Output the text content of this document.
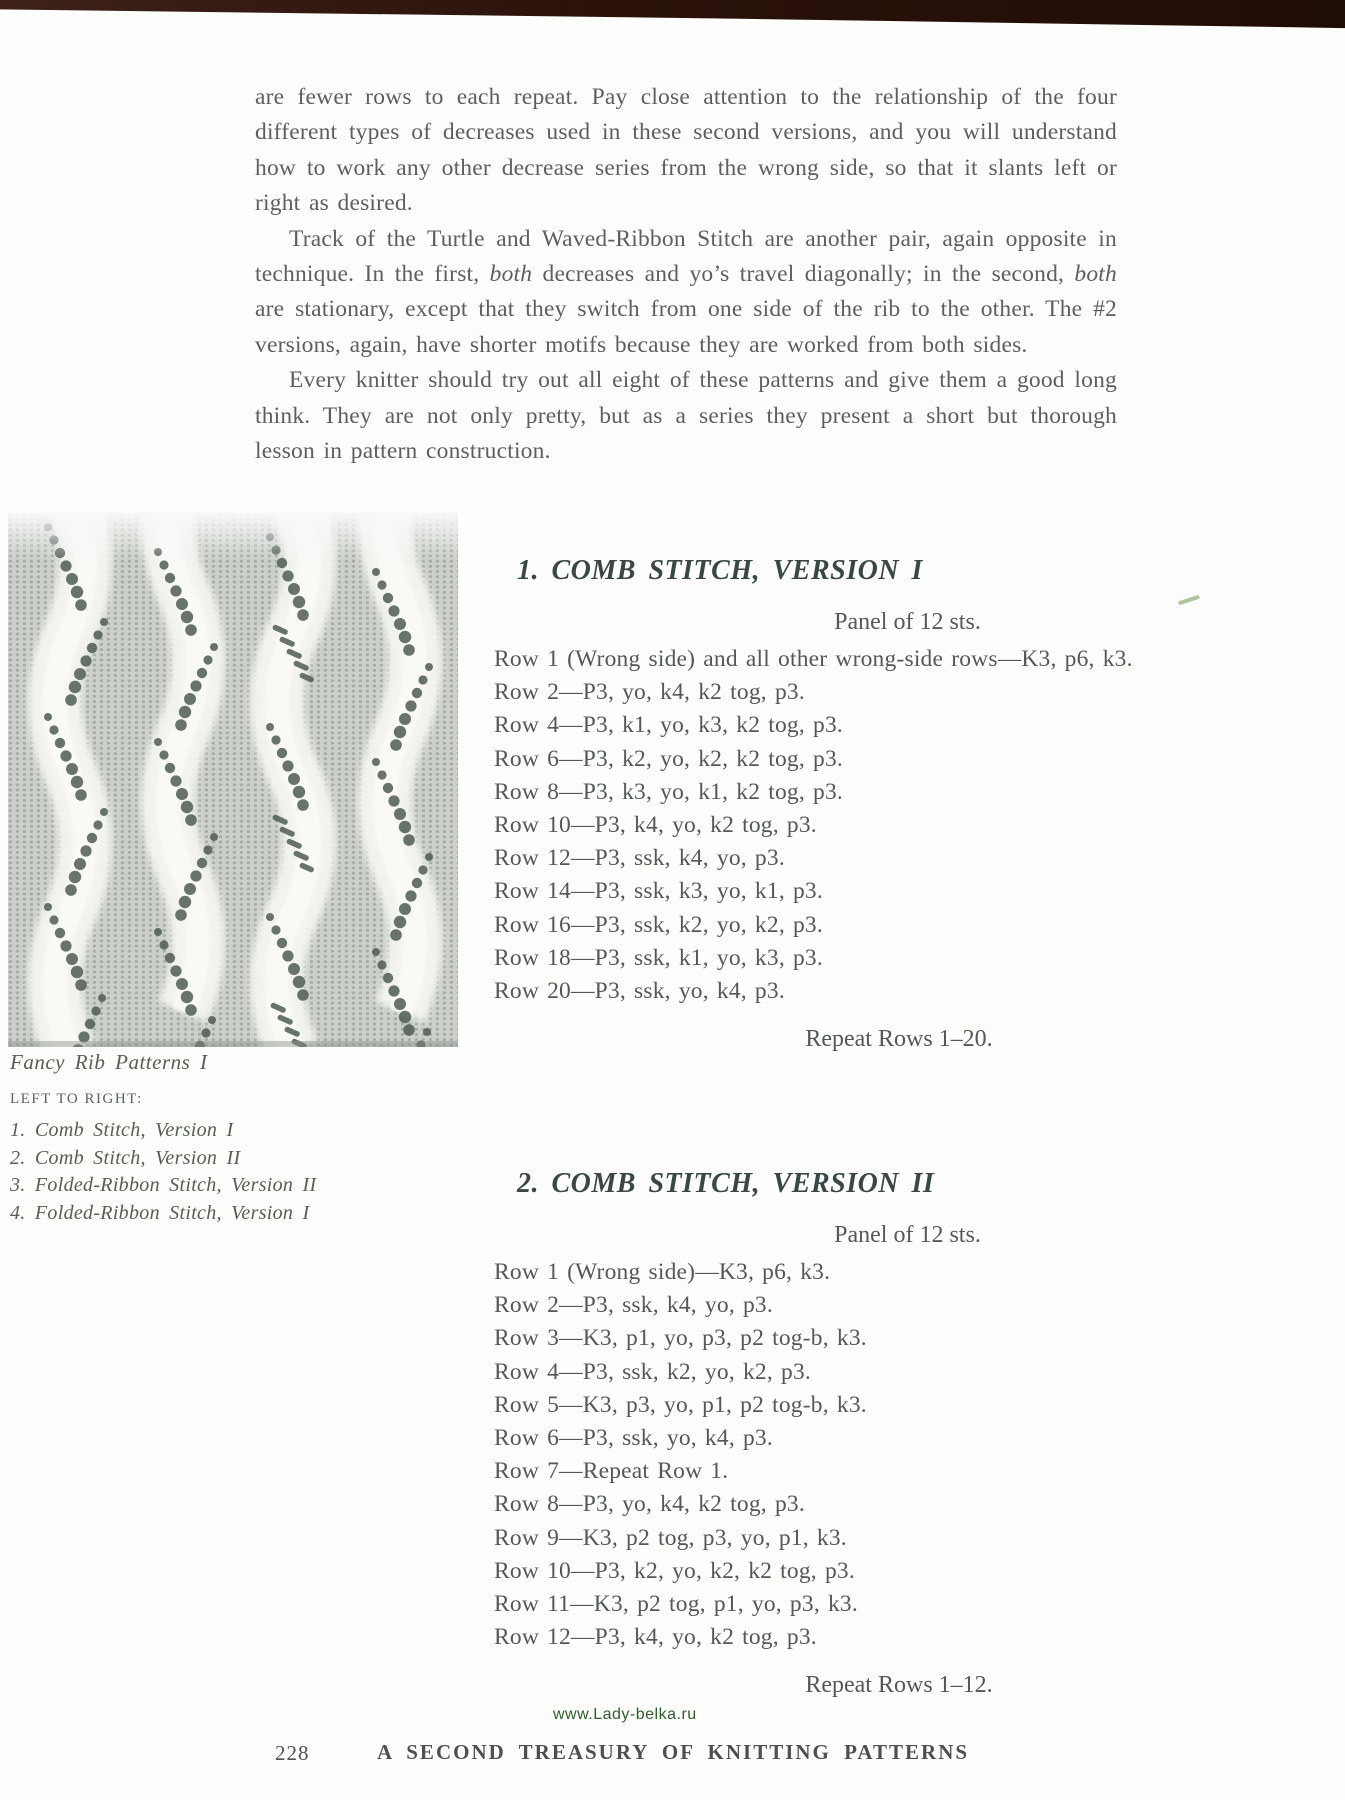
are fewer rows to each repeat. Pay close attention to the relationship of the four different types of decreases used in these second versions, and you will understand how to work any other decrease series from the wrong side, so that it slants left or right as desired.

Track of the Turtle and Waved-Ribbon Stitch are another pair, again opposite in technique. In the first, both decreases and yo’s travel diagonally; in the second, both are stationary, except that they switch from one side of the rib to the other. The #2 versions, again, have shorter motifs because they are worked from both sides.

Every knitter should try out all eight of these patterns and give them a good long think. They are not only pretty, but as a series they present a short but thorough lesson in pattern construction.

Fancy Rib Patterns I
LEFT TO RIGHT:
1. Comb Stitch, Version I
2. Comb Stitch, Version II
3. Folded-Ribbon Stitch, Version II
4. Folded-Ribbon Stitch, Version I
1. COMB STITCH, VERSION I
Panel of 12 sts.
Row 1 (Wrong side) and all other wrong-side rows—K3, p6, k3.
Row 2—P3, yo, k4, k2 tog, p3.
Row 4—P3, k1, yo, k3, k2 tog, p3.
Row 6—P3, k2, yo, k2, k2 tog, p3.
Row 8—P3, k3, yo, k1, k2 tog, p3.
Row 10—P3, k4, yo, k2 tog, p3.
Row 12—P3, ssk, k4, yo, p3.
Row 14—P3, ssk, k3, yo, k1, p3.
Row 16—P3, ssk, k2, yo, k2, p3.
Row 18—P3, ssk, k1, yo, k3, p3.
Row 20—P3, ssk, yo, k4, p3.
Repeat Rows 1–20.
2. COMB STITCH, VERSION II
Panel of 12 sts.
Row 1 (Wrong side)—K3, p6, k3.
Row 2—P3, ssk, k4, yo, p3.
Row 3—K3, p1, yo, p3, p2 tog-b, k3.
Row 4—P3, ssk, k2, yo, k2, p3.
Row 5—K3, p3, yo, p1, p2 tog-b, k3.
Row 6—P3, ssk, yo, k4, p3.
Row 7—Repeat Row 1.
Row 8—P3, yo, k4, k2 tog, p3.
Row 9—K3, p2 tog, p3, yo, p1, k3.
Row 10—P3, k2, yo, k2, k2 tog, p3.
Row 11—K3, p2 tog, p1, yo, p3, k3.
Row 12—P3, k4, yo, k2 tog, p3.
Repeat Rows 1–12.
www.Lady-belka.ru
228	A SECOND TREASURY OF KNITTING PATTERNS
